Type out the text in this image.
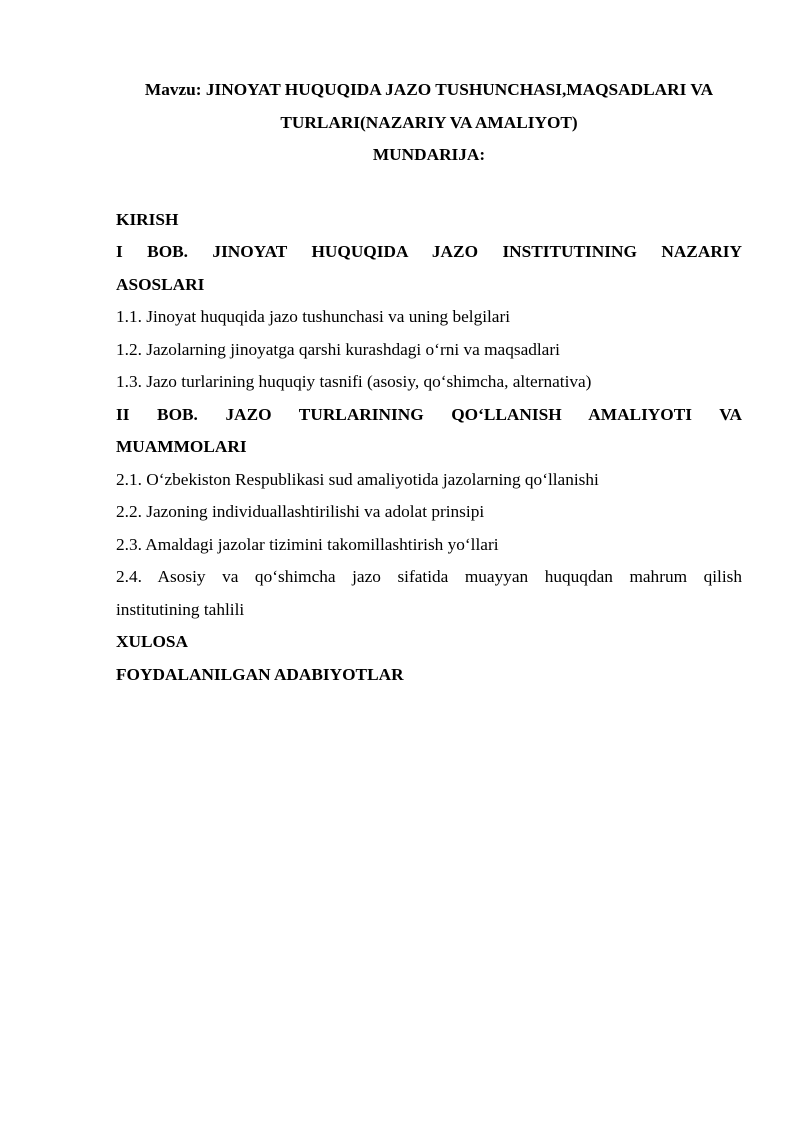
Mavzu: JINOYAT HUQUQIDA JAZO TUSHUNCHASI,MAQSADLARI VA
TURLARI(NAZARIY VA AMALIYOT)

MUNDARIJA:

KIRISH

I BOB. JINOYAT HUQUQIDA JAZO INSTITUTINING NAZARIY
ASOSLARI

1.1. Jinoyat huquqida jazo tushunchasi va uning belgilari

1.2. Jazolarning jinoyatga qarshi kurashdagi o‘rni va maqsadlari

1.3. Jazo turlarining huquqiy tasnifi (asosiy, qo‘shimcha, alternativa)

II BOB. JAZO TURLARINING QO‘LLANISH AMALIYOTI VA
MUAMMOLARI

2.1. O‘zbekiston Respublikasi sud amaliyotida jazolarning qo‘llanishi

2.2. Jazoning individuallashtirilishi va adolat prinsipi

2.3. Amaldagi jazolar tizimini takomillashtirish yo‘llari

2.4. Asosiy va qo‘shimcha jazo sifatida muayyan huquqdan mahrum qilish
institutining tahlili

XULOSA

FOYDALANILGAN ADABIYOTLAR
